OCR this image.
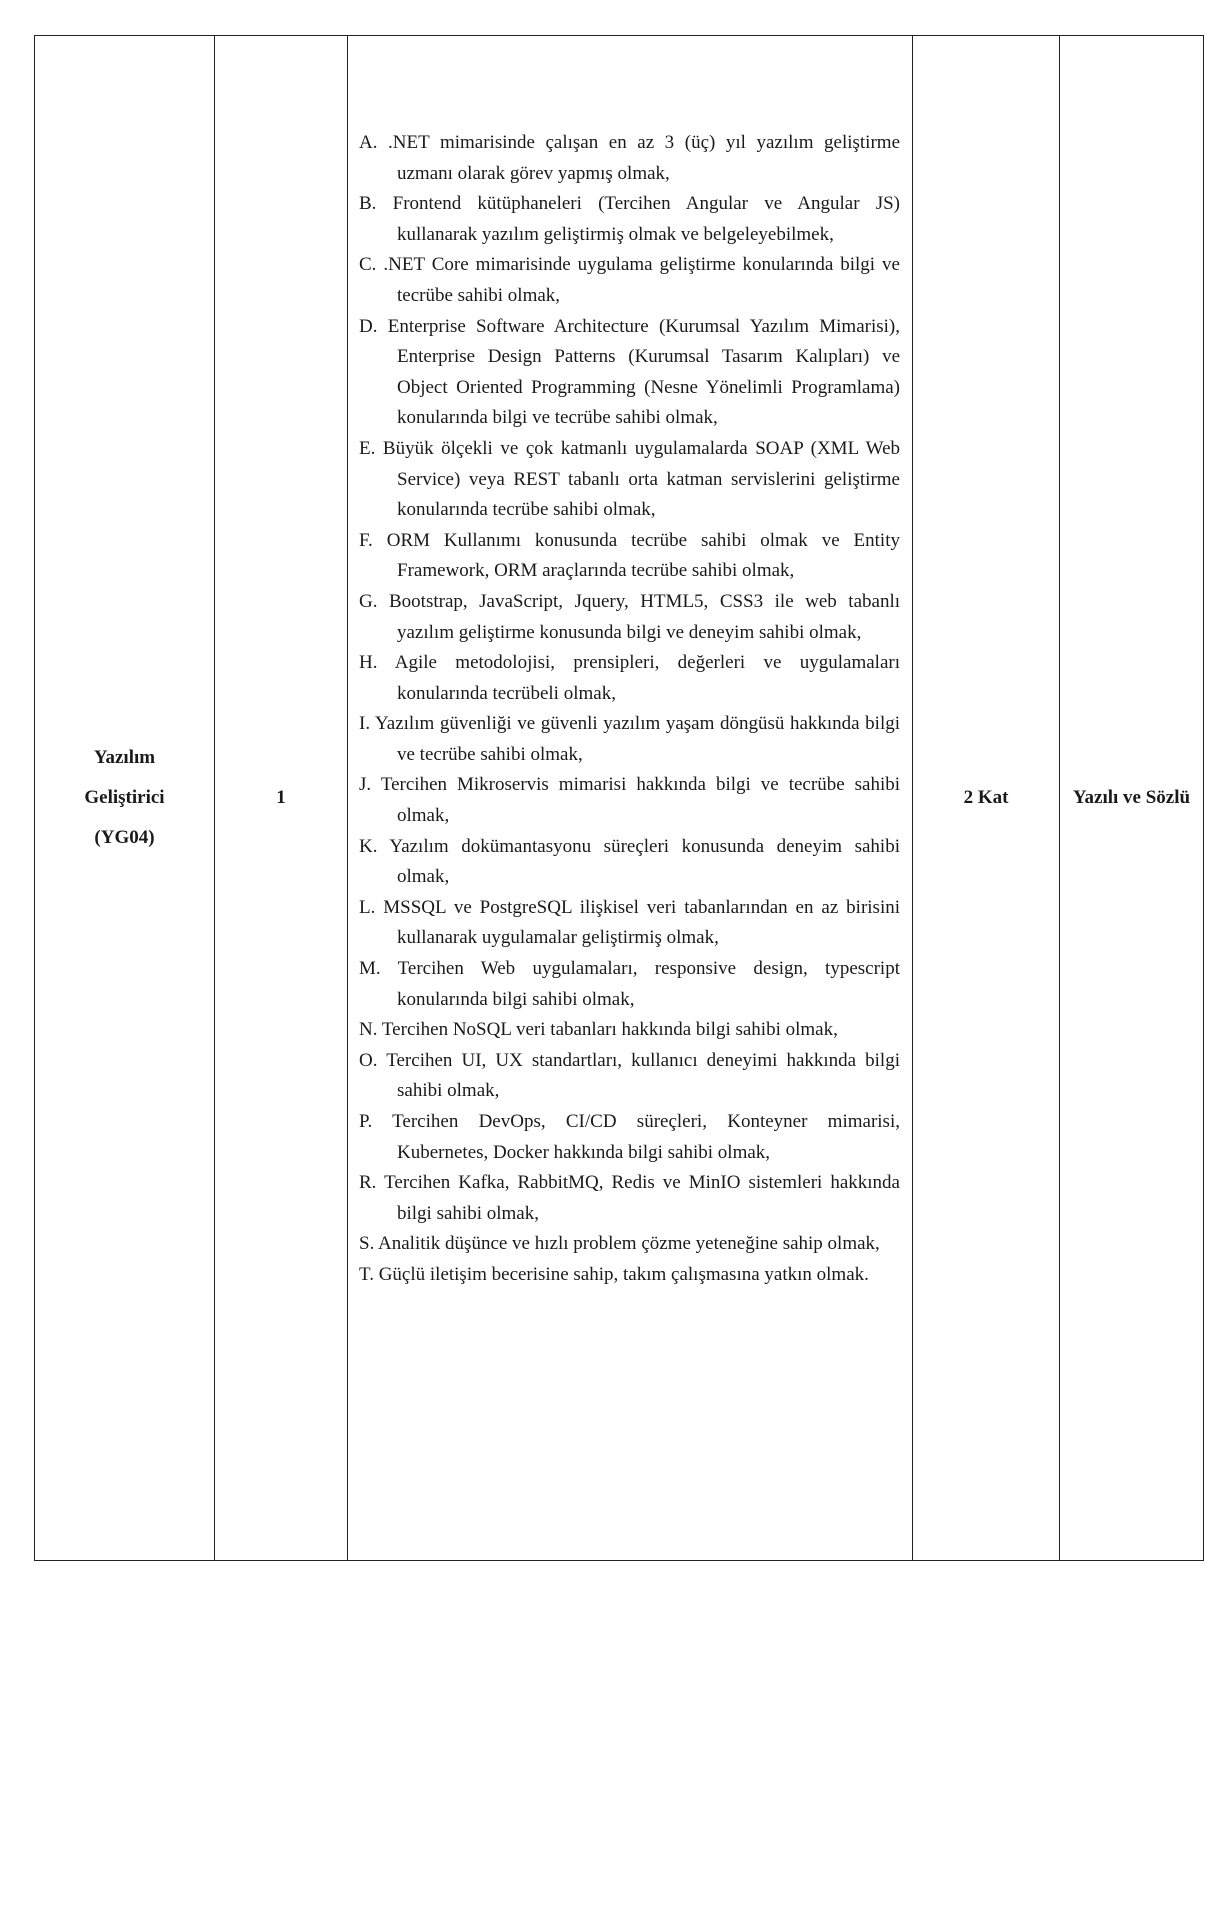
Yazılım
Geliştirici
(YG04)
1
A. .NET mimarisinde çalışan en az 3 (üç) yıl yazılım geliştirme uzmanı olarak görev yapmış olmak,
B. Frontend kütüphaneleri (Tercihen Angular ve Angular JS) kullanarak yazılım geliştirmiş olmak ve belgeleyebilmek,
C. .NET Core mimarisinde uygulama geliştirme konularında bilgi ve tecrübe sahibi olmak,
D. Enterprise Software Architecture (Kurumsal Yazılım Mimarisi), Enterprise Design Patterns (Kurumsal Tasarım Kalıpları) ve Object Oriented Programming (Nesne Yönelimli Programlama) konularında bilgi ve tecrübe sahibi olmak,
E. Büyük ölçekli ve çok katmanlı uygulamalarda SOAP (XML Web Service) veya REST tabanlı orta katman servislerini geliştirme konularında tecrübe sahibi olmak,
F. ORM Kullanımı konusunda tecrübe sahibi olmak ve Entity Framework, ORM araçlarında tecrübe sahibi olmak,
G. Bootstrap, JavaScript, Jquery, HTML5, CSS3 ile web tabanlı yazılım geliştirme konusunda bilgi ve deneyim sahibi olmak,
H. Agile metodolojisi, prensipleri, değerleri ve uygulamaları konularında tecrübeli olmak,
I. Yazılım güvenliği ve güvenli yazılım yaşam döngüsü hakkında bilgi ve tecrübe sahibi olmak,
J. Tercihen Mikroservis mimarisi hakkında bilgi ve tecrübe sahibi olmak,
K. Yazılım dokümantasyonu süreçleri konusunda deneyim sahibi olmak,
L. MSSQL ve PostgreSQL ilişkisel veri tabanlarından en az birisini kullanarak uygulamalar geliştirmiş olmak,
M. Tercihen Web uygulamaları, responsive design, typescript konularında bilgi sahibi olmak,
N. Tercihen NoSQL veri tabanları hakkında bilgi sahibi olmak,
O. Tercihen UI, UX standartları, kullanıcı deneyimi hakkında bilgi sahibi olmak,
P. Tercihen DevOps, CI/CD süreçleri, Konteyner mimarisi, Kubernetes, Docker hakkında bilgi sahibi olmak,
R. Tercihen Kafka, RabbitMQ, Redis ve MinIO sistemleri hakkında bilgi sahibi olmak,
S. Analitik düşünce ve hızlı problem çözme yeteneğine sahip olmak,
T. Güçlü iletişim becerisine sahip, takım çalışmasına yatkın olmak.
2 Kat	Yazılı ve Sözlü
